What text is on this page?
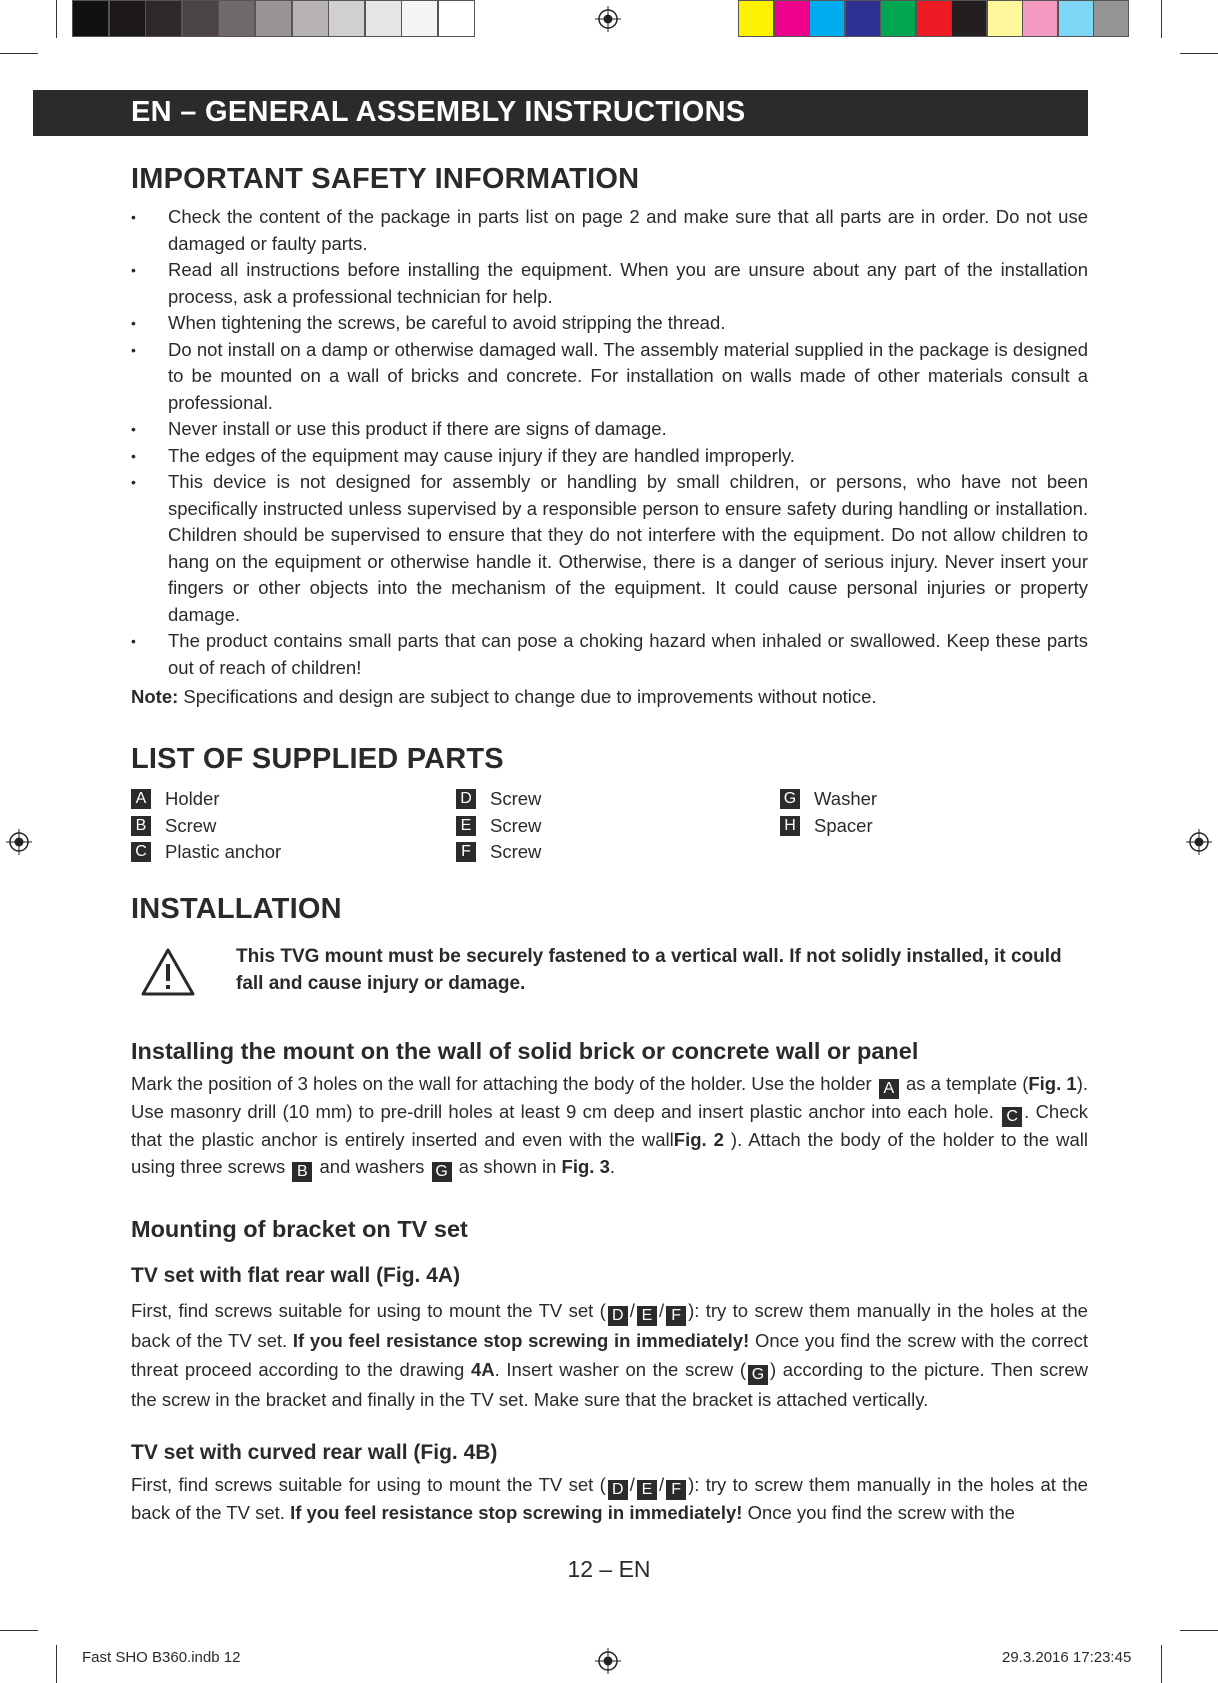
EN – GENERAL ASSEMBLY INSTRUCTIONS
IMPORTANT SAFETY INFORMATION
• Check the content of the package in parts list on page 2 and make sure that all parts are in order. Do not use damaged or faulty parts.
• Read all instructions before installing the equipment. When you are unsure about any part of the installation process, ask a professional technician for help.
• When tightening the screws, be careful to avoid stripping the thread.
• Do not install on a damp or otherwise damaged wall. The assembly material supplied in the package is designed to be mounted on a wall of bricks and concrete. For installation on walls made of other materials consult a professional.
• Never install or use this product if there are signs of damage.
• The edges of the equipment may cause injury if they are handled improperly.
• This device is not designed for assembly or handling by small children, or persons, who have not been specifically instructed unless supervised by a responsible person to ensure safety during handling or installation. Children should be supervised to ensure that they do not interfere with the equipment. Do not allow children to hang on the equipment or otherwise handle it. Otherwise, there is a danger of serious injury. Never insert your fingers or other objects into the mechanism of the equipment. It could cause personal injuries or property damage.
• The product contains small parts that can pose a choking hazard when inhaled or swallowed. Keep these parts out of reach of children!
Note: Specifications and design are subject to change due to improvements without notice.
LIST OF SUPPLIED PARTS
A Holder
B Screw
C Plastic anchor
D Screw
E Screw
F Screw
G Washer
H Spacer
INSTALLATION
This TVG mount must be securely fastened to a vertical wall. If not solidly installed, it could fall and cause injury or damage.
Installing the mount on the wall of solid brick or concrete wall or panel
Mark the position of 3 holes on the wall for attaching the body of the holder. Use the holder A as a template (Fig. 1). Use masonry drill (10 mm) to pre-drill holes at least 9 cm deep and insert plastic anchor into each hole. C . Check that the plastic anchor is entirely inserted and even with the wallFig. 2 ). Attach the body of the holder to the wall using three screws B and washers G as shown in Fig. 3.
Mounting of bracket on TV set
TV set with flat rear wall (Fig. 4A)
First, find screws suitable for using to mount the TV set ( D / E / F ): try to screw them manually in the holes at the back of the TV set. If you feel resistance stop screwing in immediately! Once you find the screw with the correct threat proceed according to the drawing 4A. Insert washer on the screw ( G ) according to the picture. Then screw the screw in the bracket and finally in the TV set. Make sure that the bracket is attached vertically.
TV set with curved rear wall (Fig. 4B)
First, find screws suitable for using to mount the TV set ( D / E / F ): try to screw them manually in the holes at the back of the TV set. If you feel resistance stop screwing in immediately! Once you find the screw with the
12 – EN
Fast SHO B360.indb 12	29.3.2016 17:23:45
